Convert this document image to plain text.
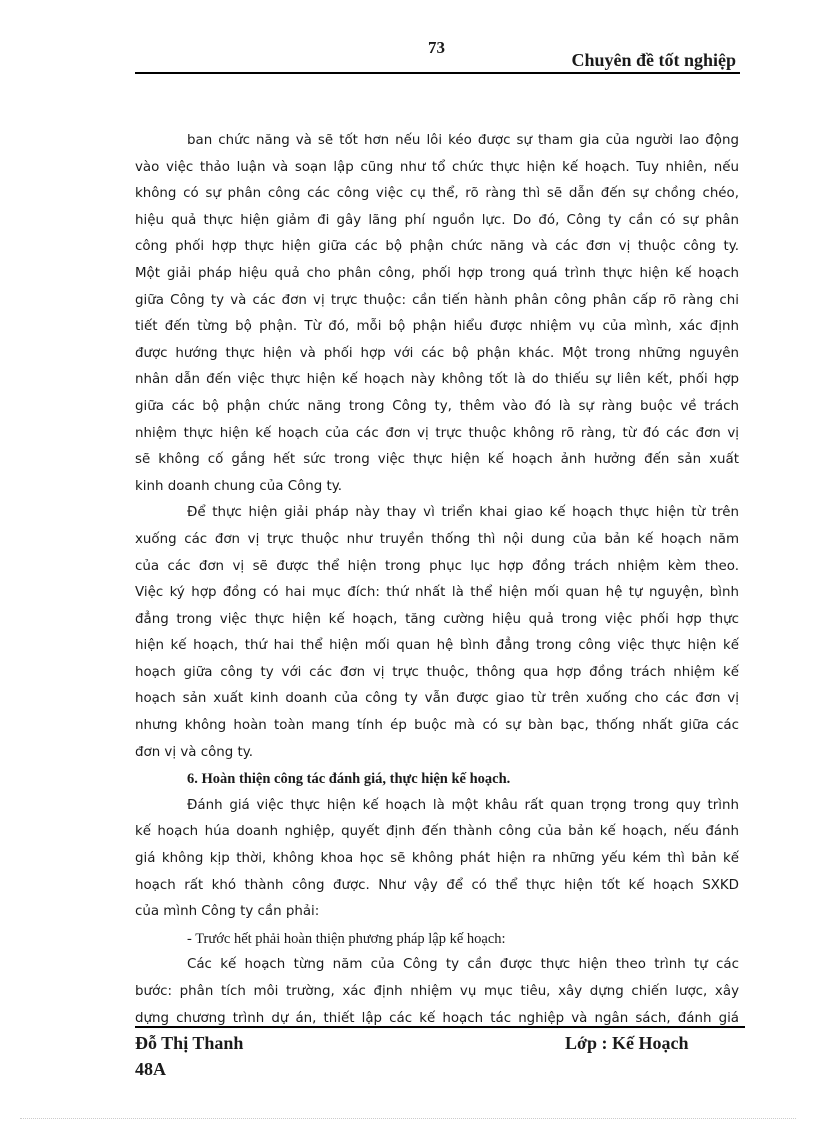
73
Chuyên đề tốt nghiệp
ban chức năng và sẽ tốt hơn nếu lôi kéo được sự tham gia của người lao động
vào việc thảo luận và soạn lập cũng như tổ chức thực hiện kế hoạch. Tuy nhiên, nếu
không có sự phân công các công việc cụ thể, rõ ràng thì sẽ dẫn đến sự chồng chéo,
hiệu quả thực hiện giảm đi gây lãng phí nguồn lực. Do đó, Công ty cần có sự phân
công phối hợp thực hiện giữa các bộ phận chức năng và các đơn vị thuộc công ty.
Một giải pháp hiệu quả cho phân công, phối hợp trong quá trình thực hiện kế hoạch
giữa Công ty và các đơn vị trực thuộc: cần tiến hành phân công phân cấp rõ ràng chi
tiết đến từng bộ phận. Từ đó, mỗi bộ phận hiểu được nhiệm vụ của mình, xác định
được hướng thực hiện và phối hợp với các bộ phận khác. Một trong những nguyên
nhân dẫn đến việc thực hiện kế hoạch này không tốt là do thiếu sự liên kết, phối hợp
giữa các bộ phận chức năng trong Công ty, thêm vào đó là sự ràng buộc về trách
nhiệm thực hiện kế hoạch của các đơn vị trực thuộc không rõ ràng, từ đó các đơn vị
sẽ không cố gắng hết sức trong việc thực hiện kế hoạch ảnh hưởng đến sản xuất
kinh doanh chung của Công ty.
Để thực hiện giải pháp này thay vì triển khai giao kế hoạch thực hiện từ trên
xuống các đơn vị trực thuộc như truyền thống thì nội dung của bản kế hoạch năm
của các đơn vị sẽ được thể hiện trong phục lục hợp đồng trách nhiệm kèm theo.
Việc ký hợp đồng có hai mục đích: thứ nhất là thể hiện mối quan hệ tự nguyện, bình
đẳng trong việc thực hiện kế hoạch, tăng cường hiệu quả trong việc phối hợp thực
hiện kế hoạch, thứ hai thể hiện mối quan hệ bình đẳng trong công việc thực hiện kế
hoạch giữa công ty với các đơn vị trực thuộc, thông qua hợp đồng trách nhiệm kế
hoạch sản xuất kinh doanh của công ty vẫn được giao từ trên xuống cho các đơn vị
nhưng không hoàn toàn mang tính ép buộc mà có sự bàn bạc, thống nhất giữa các
đơn vị và công ty.
6. Hoàn thiện công tác đánh giá, thực hiện kế hoạch.
Đánh giá việc thực hiện kế hoạch là một khâu rất quan trọng trong quy trình
kế hoạch húa doanh nghiệp, quyết định đến thành công của bản kế hoạch, nếu đánh
giá không kịp thời, không khoa học sẽ không phát hiện ra những yếu kém thì bản kế
hoạch rất khó thành công được. Như vậy để có thể thực hiện tốt kế hoạch SXKD
của mình Công ty cần phải:
- Trước hết phải hoàn thiện phương pháp lập kế hoạch:
Các kế hoạch từng năm của Công ty cần được thực hiện theo trình tự các
bước: phân tích môi trường, xác định nhiệm vụ mục tiêu, xây dựng chiến lược, xây
dựng chương trình dự án, thiết lập các kế hoạch tác nghiệp và ngân sách, đánh giá
Đỗ Thị Thanh
48A
Lớp : Kế Hoạch
